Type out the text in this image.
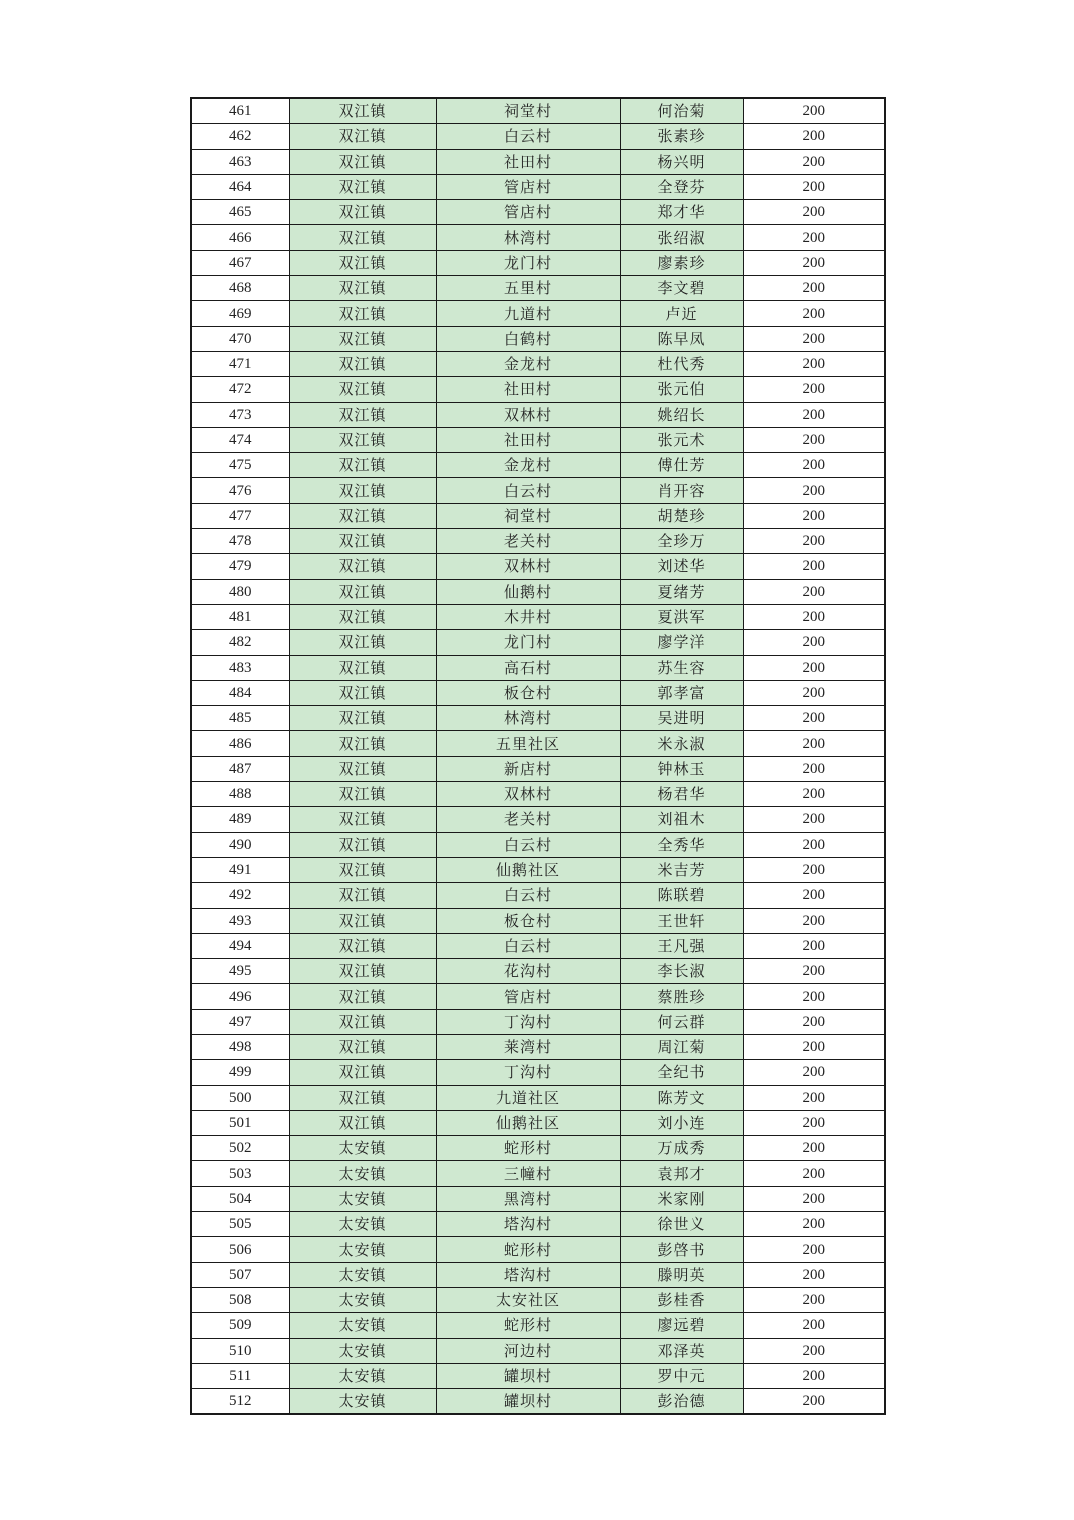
461	双江镇	祠堂村	何治菊	200
462	双江镇	白云村	张素珍	200
463	双江镇	社田村	杨兴明	200
464	双江镇	管店村	全登芬	200
465	双江镇	管店村	郑才华	200
466	双江镇	林湾村	张绍淑	200
467	双江镇	龙门村	廖素珍	200
468	双江镇	五里村	李文碧	200
469	双江镇	九道村	卢近	200
470	双江镇	白鹤村	陈早凤	200
471	双江镇	金龙村	杜代秀	200
472	双江镇	社田村	张元伯	200
473	双江镇	双林村	姚绍长	200
474	双江镇	社田村	张元术	200
475	双江镇	金龙村	傅仕芳	200
476	双江镇	白云村	肖开容	200
477	双江镇	祠堂村	胡楚珍	200
478	双江镇	老关村	全珍万	200
479	双江镇	双林村	刘述华	200
480	双江镇	仙鹅村	夏绪芳	200
481	双江镇	木井村	夏洪军	200
482	双江镇	龙门村	廖学洋	200
483	双江镇	高石村	苏生容	200
484	双江镇	板仓村	郭孝富	200
485	双江镇	林湾村	吴进明	200
486	双江镇	五里社区	米永淑	200
487	双江镇	新店村	钟林玉	200
488	双江镇	双林村	杨君华	200
489	双江镇	老关村	刘祖木	200
490	双江镇	白云村	全秀华	200
491	双江镇	仙鹅社区	米吉芳	200
492	双江镇	白云村	陈联碧	200
493	双江镇	板仓村	王世轩	200
494	双江镇	白云村	王凡强	200
495	双江镇	花沟村	李长淑	200
496	双江镇	管店村	蔡胜珍	200
497	双江镇	丁沟村	何云群	200
498	双江镇	莱湾村	周江菊	200
499	双江镇	丁沟村	全纪书	200
500	双江镇	九道社区	陈芳文	200
501	双江镇	仙鹅社区	刘小连	200
502	太安镇	蛇形村	万成秀	200
503	太安镇	三幢村	袁邦才	200
504	太安镇	黑湾村	米家刚	200
505	太安镇	塔沟村	徐世义	200
506	太安镇	蛇形村	彭啓书	200
507	太安镇	塔沟村	滕明英	200
508	太安镇	太安社区	彭桂香	200
509	太安镇	蛇形村	廖远碧	200
510	太安镇	河边村	邓泽英	200
511	太安镇	罐坝村	罗中元	200
512	太安镇	罐坝村	彭治德	200
